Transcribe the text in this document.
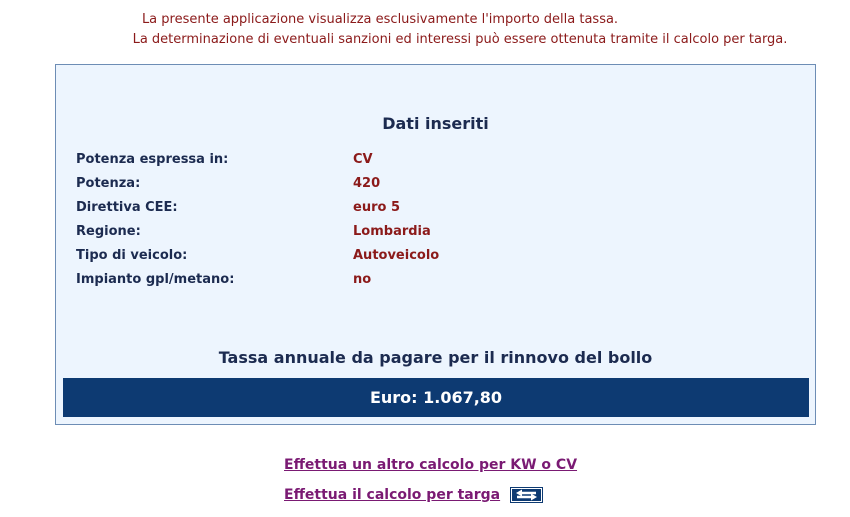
La presente applicazione visualizza esclusivamente l'importo della tassa.
La determinazione di eventuali sanzioni ed interessi può essere ottenuta tramite il calcolo per targa.
Dati inseriti
Potenza espressa in:	CV
Potenza:	420
Direttiva CEE:	euro 5
Regione:	Lombardia
Tipo di veicolo:	Autoveicolo
Impianto gpl/metano:	no
Tassa annuale da pagare per il rinnovo del bollo
Euro: 1.067,80
Effettua un altro calcolo per KW o CV
Effettua il calcolo per targa
